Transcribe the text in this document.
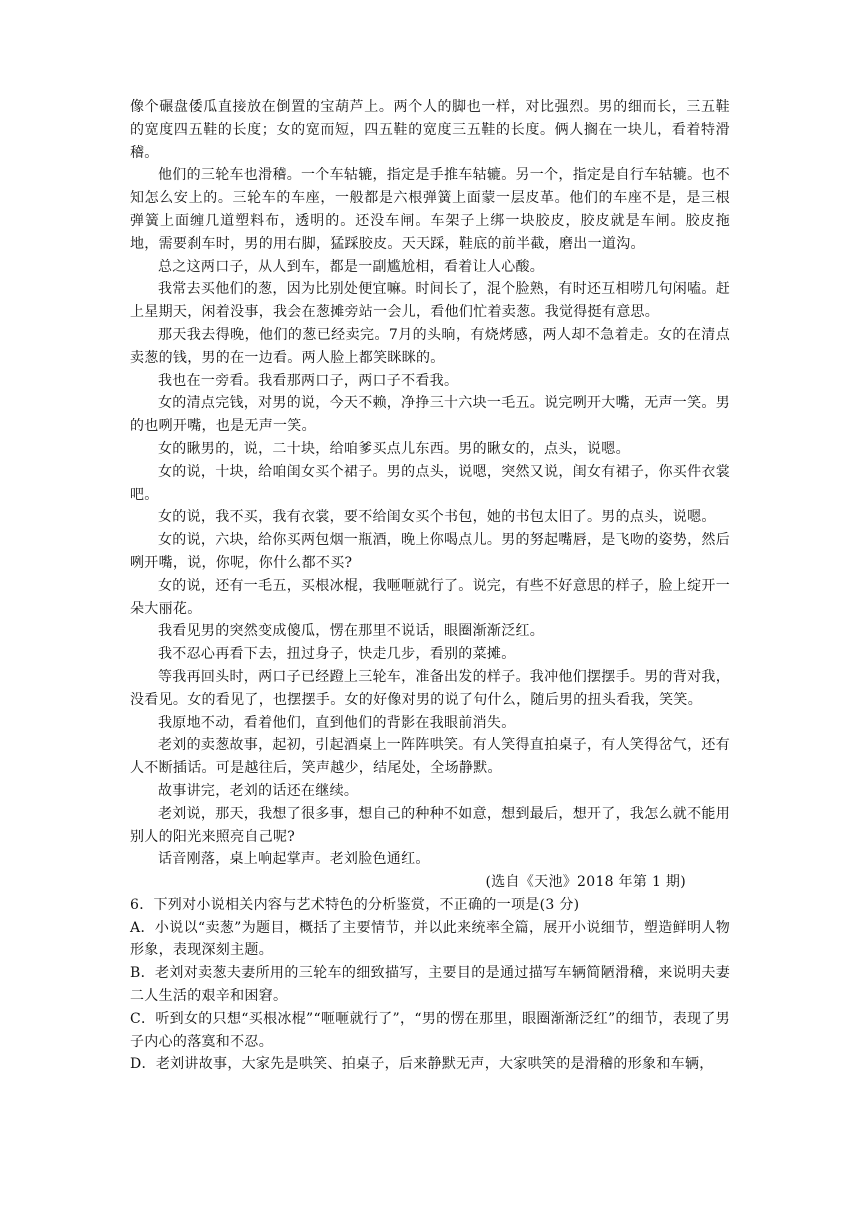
像个碾盘倭瓜直接放在倒置的宝葫芦上。两个人的脚也一样，对比强烈。男的细而长，三五鞋的宽度四五鞋的长度；女的宽而短，四五鞋的宽度三五鞋的长度。俩人搁在一块儿，看着特滑稽。

他们的三轮车也滑稽。一个车轱辘，指定是手推车轱辘。另一个，指定是自行车轱辘。也不知怎么安上的。三轮车的车座，一般都是六根弹簧上面蒙一层皮革。他们的车座不是，是三根弹簧上面缠几道塑料布，透明的。还没车闸。车架子上绑一块胶皮，胶皮就是车闸。胶皮拖地，需要刹车时，男的用右脚，猛踩胶皮。天天踩，鞋底的前半截，磨出一道沟。

总之这两口子，从人到车，都是一副尴尬相，看着让人心酸。

我常去买他们的葱，因为比别处便宜嘛。时间长了，混个脸熟，有时还互相唠几句闲嗑。赶上星期天，闲着没事，我会在葱摊旁站一会儿，看他们忙着卖葱。我觉得挺有意思。

那天我去得晚，他们的葱已经卖完。7月的头晌，有烧烤感，两人却不急着走。女的在清点卖葱的钱，男的在一边看。两人脸上都笑眯眯的。

我也在一旁看。我看那两口子，两口子不看我。

女的清点完钱，对男的说，今天不赖，净挣三十六块一毛五。说完咧开大嘴，无声一笑。男的也咧开嘴，也是无声一笑。

女的瞅男的，说，二十块，给咱爹买点儿东西。男的瞅女的，点头，说嗯。

女的说，十块，给咱闺女买个裙子。男的点头，说嗯，突然又说，闺女有裙子，你买件衣裳吧。

女的说，我不买，我有衣裳，要不给闺女买个书包，她的书包太旧了。男的点头，说嗯。

女的说，六块，给你买两包烟一瓶酒，晚上你喝点儿。男的努起嘴唇，是飞吻的姿势，然后咧开嘴，说，你呢，你什么都不买?

女的说，还有一毛五，买根冰棍，我咂咂就行了。说完，有些不好意思的样子，脸上绽开一朵大丽花。

我看见男的突然变成傻瓜，愣在那里不说话，眼圈渐渐泛红。

我不忍心再看下去，扭过身子，快走几步，看别的菜摊。

等我再回头时，两口子已经蹬上三轮车，准备出发的样子。我冲他们摆摆手。男的背对我，没看见。女的看见了，也摆摆手。女的好像对男的说了句什么，随后男的扭头看我，笑笑。

我原地不动，看着他们，直到他们的背影在我眼前消失。

老刘的卖葱故事，起初，引起酒桌上一阵阵哄笑。有人笑得直拍桌子，有人笑得岔气，还有人不断插话。可是越往后，笑声越少，结尾处，全场静默。

故事讲完，老刘的话还在继续。

老刘说，那天，我想了很多事，想自己的种种不如意，想到最后，想开了，我怎么就不能用别人的阳光来照亮自己呢?

话音刚落，桌上响起掌声。老刘脸色通红。

(选自《天池》2018 年第 1 期)

6．下列对小说相关内容与艺术特色的分析鉴赏，不正确的一项是(3 分)

A．小说以“卖葱”为题目，概括了主要情节，并以此来统率全篇，展开小说细节，塑造鲜明人物形象，表现深刻主题。

B．老刘对卖葱夫妻所用的三轮车的细致描写，主要目的是通过描写车辆简陋滑稽，来说明夫妻二人生活的艰辛和困窘。

C．听到女的只想“买根冰棍”“咂咂就行了”，“男的愣在那里，眼圈渐渐泛红”的细节，表现了男子内心的落寞和不忍。

D．老刘讲故事，大家先是哄笑、拍桌子，后来静默无声，大家哄笑的是滑稽的形象和车辆，
